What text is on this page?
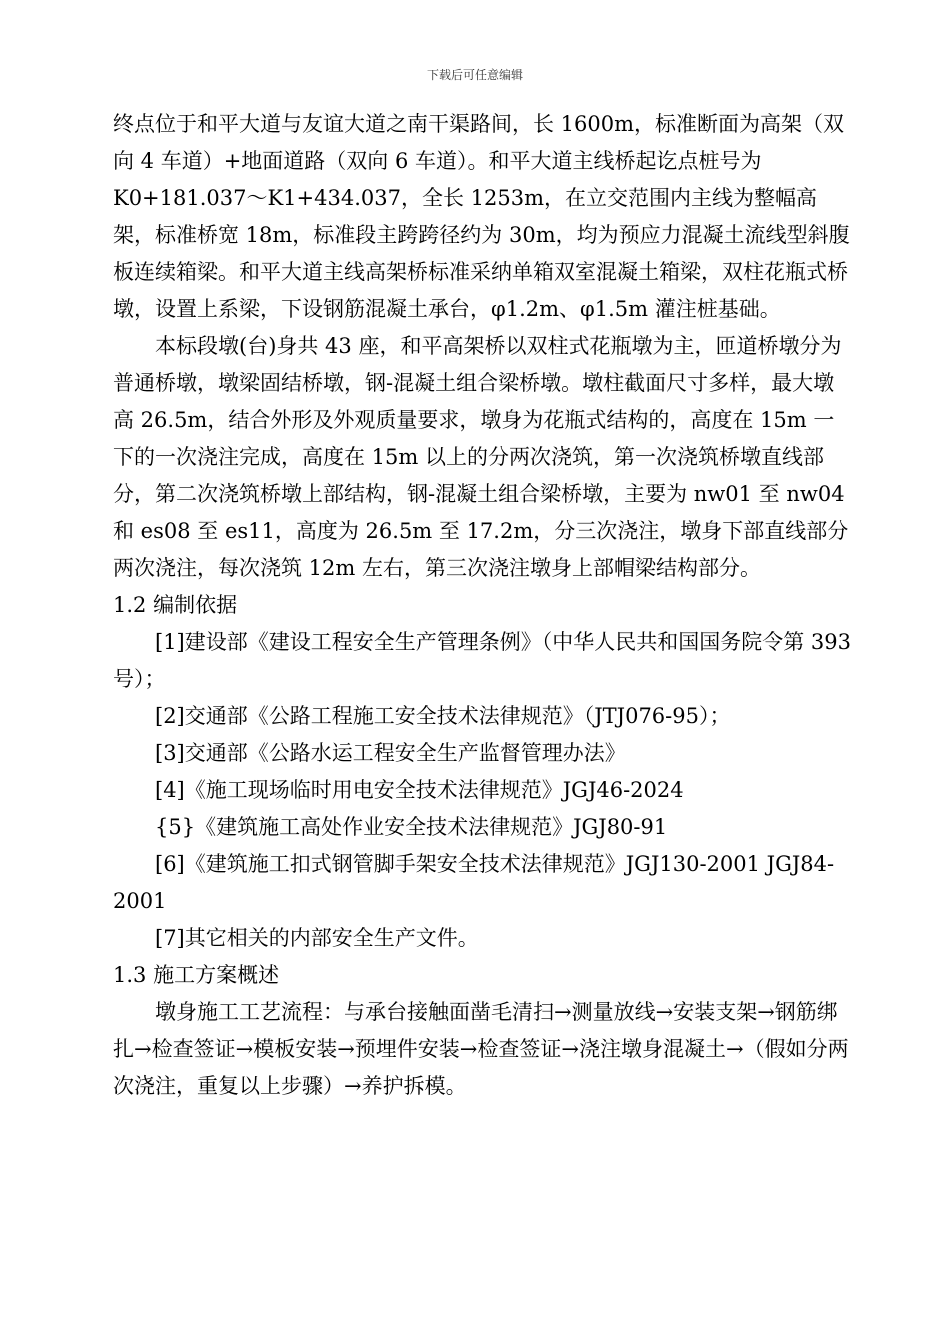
下载后可任意编辑

终点位于和平大道与友谊大道之南干渠路间，长 1600m，标准断面为高架（双向 4 车道）+地面道路（双向 6 车道）。和平大道主线桥起讫点桩号为 K0+181.037～K1+434.037，全长 1253m，在立交范围内主线为整幅高架，标准桥宽 18m，标准段主跨跨径约为 30m，均为预应力混凝土流线型斜腹板连续箱梁。和平大道主线高架桥标准采纳单箱双室混凝土箱梁，双柱花瓶式桥墩，设置上系梁，下设钢筋混凝土承台，φ1.2m、φ1.5m 灌注桩基础。

本标段墩(台)身共 43 座，和平高架桥以双柱式花瓶墩为主，匝道桥墩分为普通桥墩，墩梁固结桥墩，钢-混凝土组合梁桥墩。墩柱截面尺寸多样，最大墩高 26.5m，结合外形及外观质量要求，墩身为花瓶式结构的，高度在 15m 一下的一次浇注完成，高度在 15m 以上的分两次浇筑，第一次浇筑桥墩直线部分，第二次浇筑桥墩上部结构，钢-混凝土组合梁桥墩，主要为 nw01 至 nw04 和 es08 至 es11，高度为 26.5m 至 17.2m，分三次浇注，墩身下部直线部分两次浇注，每次浇筑 12m 左右，第三次浇注墩身上部帽梁结构部分。

1.2 编制依据

[1]建设部《建设工程安全生产管理条例》（中华人民共和国国务院令第 393 号）；

[2]交通部《公路工程施工安全技术法律规范》（JTJ076-95）；

[3]交通部《公路水运工程安全生产监督管理办法》

[4]《施工现场临时用电安全技术法律规范》JGJ46-2024

{5}《建筑施工高处作业安全技术法律规范》JGJ80-91

[6]《建筑施工扣式钢管脚手架安全技术法律规范》JGJ130-2001 JGJ84-2001

[7]其它相关的内部安全生产文件。

1.3 施工方案概述

墩身施工工艺流程：与承台接触面凿毛清扫→测量放线→安装支架→钢筋绑扎→检查签证→模板安装→预埋件安装→检查签证→浇注墩身混凝土→（假如分两次浇注，重复以上步骤）→养护拆模。
